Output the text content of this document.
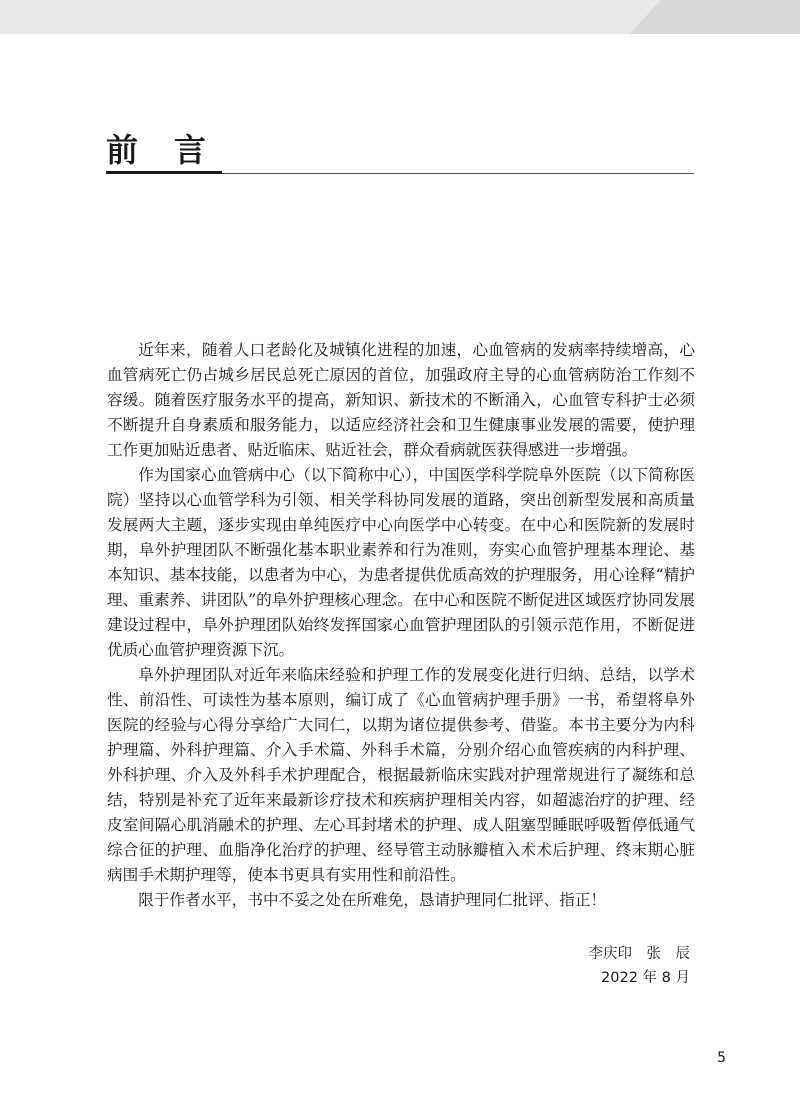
前言

近年来，随着人口老龄化及城镇化进程的加速，心血管病的发病率持续增高，心血管病死亡仍占城乡居民总死亡原因的首位，加强政府主导的心血管病防治工作刻不容缓。随着医疗服务水平的提高，新知识、新技术的不断涌入，心血管专科护士必须不断提升自身素质和服务能力，以适应经济社会和卫生健康事业发展的需要，使护理工作更加贴近患者、贴近临床、贴近社会，群众看病就医获得感进一步增强。

作为国家心血管病中心（以下简称中心），中国医学科学院阜外医院（以下简称医院）坚持以心血管学科为引领、相关学科协同发展的道路，突出创新型发展和高质量发展两大主题，逐步实现由单纯医疗中心向医学中心转变。在中心和医院新的发展时期，阜外护理团队不断强化基本职业素养和行为准则，夯实心血管护理基本理论、基本知识、基本技能，以患者为中心，为患者提供优质高效的护理服务，用心诠释“精护理、重素养、讲团队”的阜外护理核心理念。在中心和医院不断促进区域医疗协同发展建设过程中，阜外护理团队始终发挥国家心血管护理团队的引领示范作用，不断促进优质心血管护理资源下沉。

阜外护理团队对近年来临床经验和护理工作的发展变化进行归纳、总结，以学术性、前沿性、可读性为基本原则，编订成了《心血管病护理手册》一书，希望将阜外医院的经验与心得分享给广大同仁，以期为诸位提供参考、借鉴。本书主要分为内科护理篇、外科护理篇、介入手术篇、外科手术篇，分别介绍心血管疾病的内科护理、外科护理、介入及外科手术护理配合，根据最新临床实践对护理常规进行了凝练和总结，特别是补充了近年来最新诊疗技术和疾病护理相关内容，如超滤治疗的护理、经皮室间隔心肌消融术的护理、左心耳封堵术的护理、成人阻塞型睡眠呼吸暂停低通气综合征的护理、血脂净化治疗的护理、经导管主动脉瓣植入术术后护理、终末期心脏病围手术期护理等，使本书更具有实用性和前沿性。

限于作者水平，书中不妥之处在所难免，恳请护理同仁批评、指正！

李庆印　张　辰
2022 年 8 月
5
